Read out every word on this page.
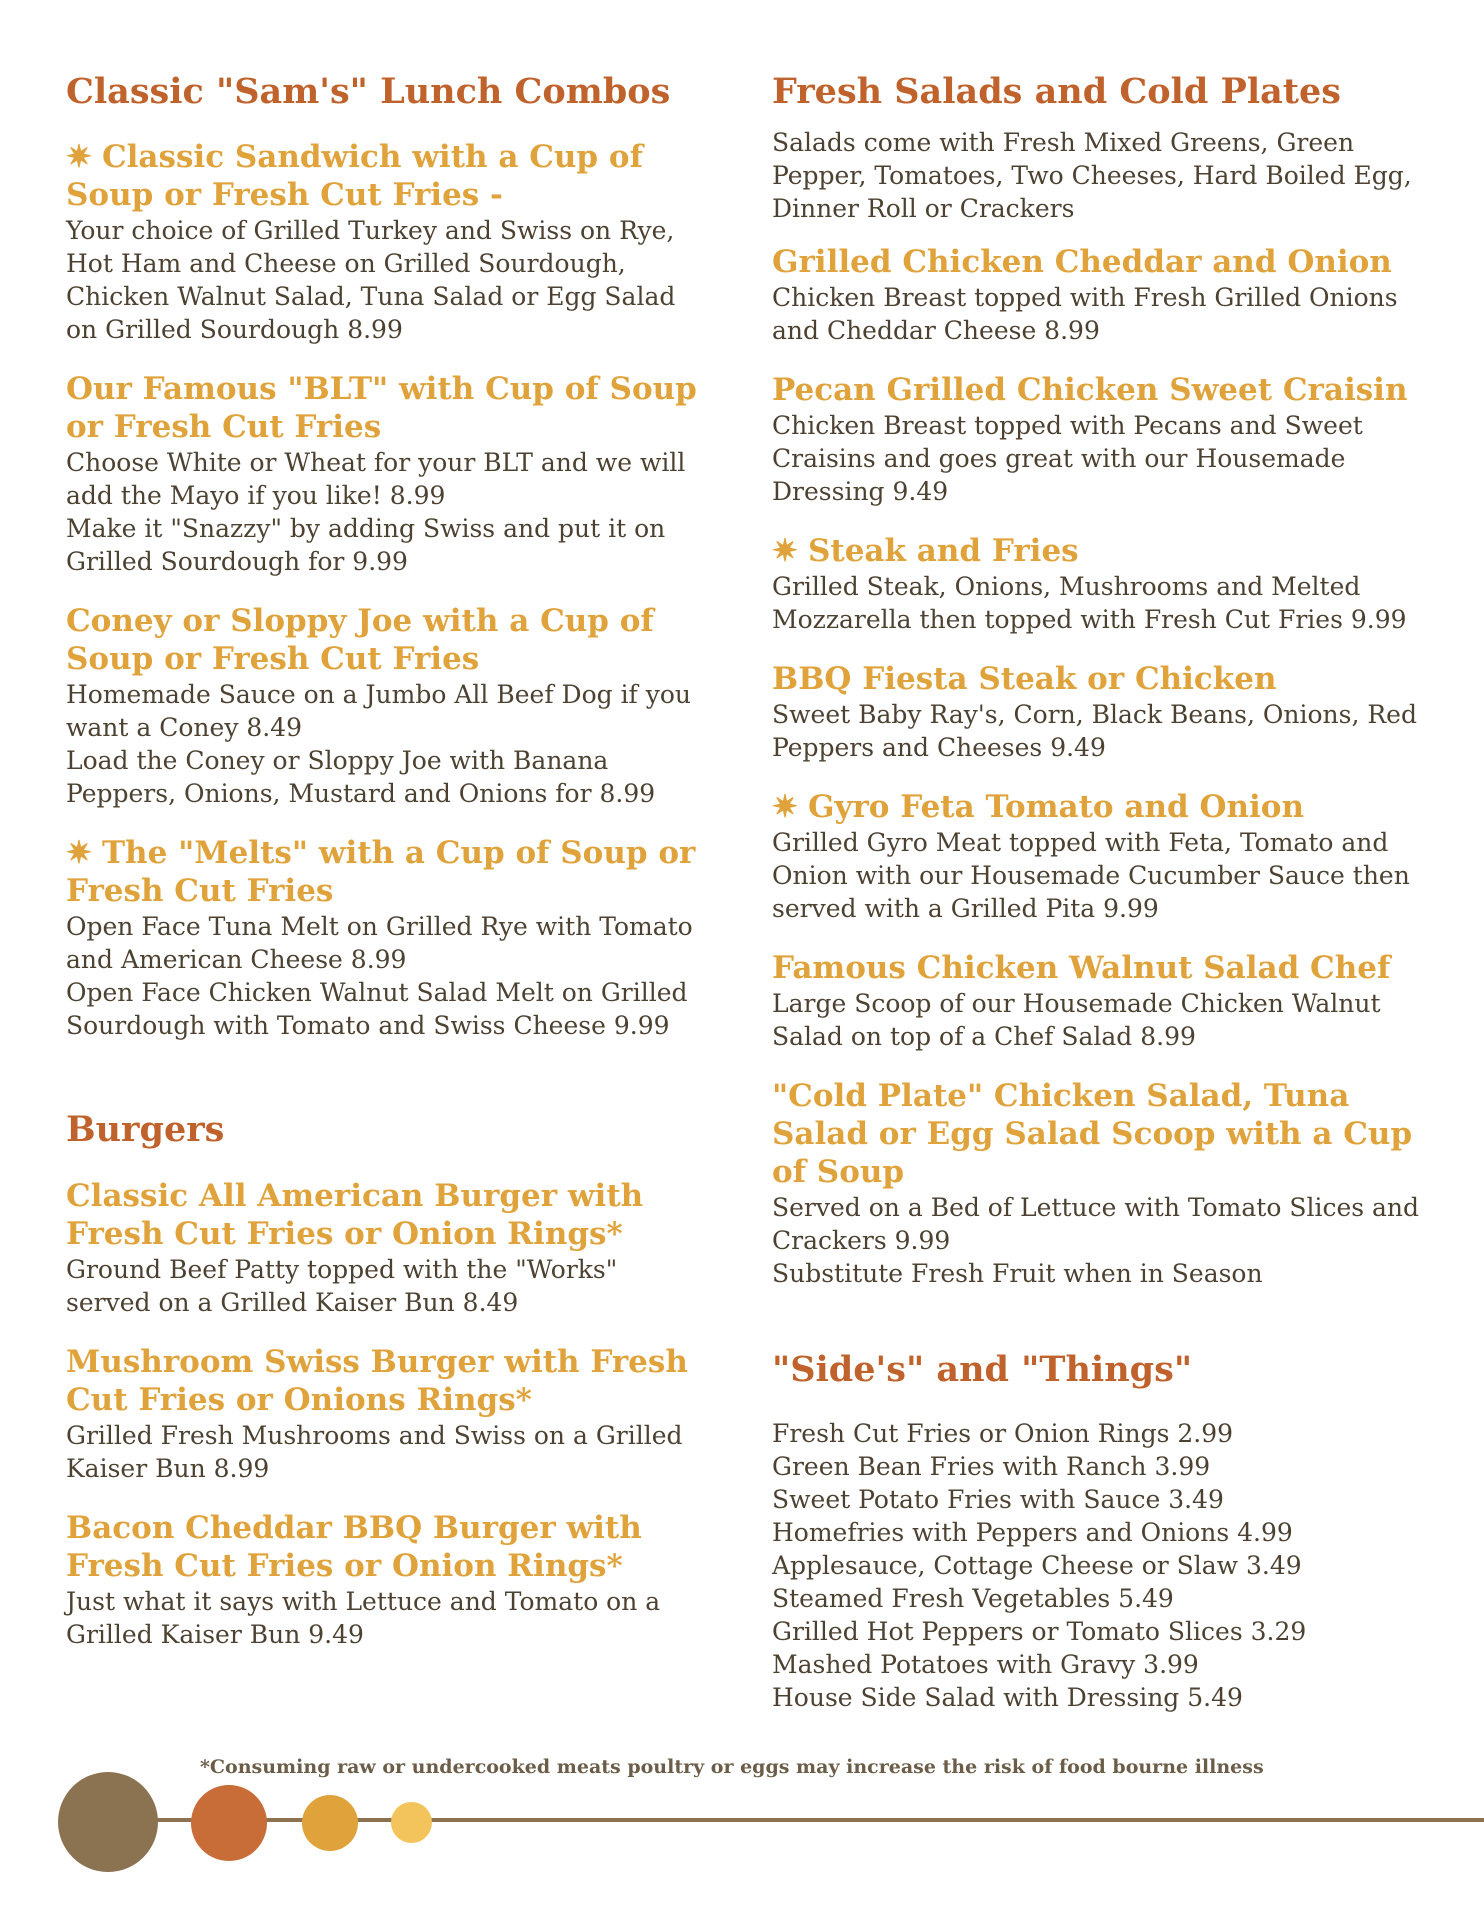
Classic "Sam's" Lunch Combos

✷ Classic Sandwich with a Cup of Soup or Fresh Cut Fries -

Your choice of Grilled Turkey and Swiss on Rye, Hot Ham and Cheese on Grilled Sourdough, Chicken Walnut Salad, Tuna Salad or Egg Salad on Grilled Sourdough 8.99

Our Famous "BLT" with Cup of Soup or Fresh Cut Fries

Choose White or Wheat for your BLT and we will add the Mayo if you like! 8.99
Make it "Snazzy" by adding Swiss and put it on Grilled Sourdough for 9.99

Coney or Sloppy Joe with a Cup of Soup or Fresh Cut Fries

Homemade Sauce on a Jumbo All Beef Dog if you want a Coney 8.49
Load the Coney or Sloppy Joe with Banana Peppers, Onions, Mustard and Onions for 8.99

✷ The "Melts" with a Cup of Soup or Fresh Cut Fries

Open Face Tuna Melt on Grilled Rye with Tomato and American Cheese 8.99
Open Face Chicken Walnut Salad Melt on Grilled Sourdough with Tomato and Swiss Cheese 9.99

Burgers

Classic All American Burger with Fresh Cut Fries or Onion Rings*

Ground Beef Patty topped with the "Works" served on a Grilled Kaiser Bun 8.49

Mushroom Swiss Burger with Fresh Cut Fries or Onions Rings*

Grilled Fresh Mushrooms and Swiss on a Grilled Kaiser Bun 8.99

Bacon Cheddar BBQ Burger with Fresh Cut Fries or Onion Rings*

Just what it says with Lettuce and Tomato on a Grilled Kaiser Bun 9.49

Fresh Salads and Cold Plates

Salads come with Fresh Mixed Greens, Green Pepper, Tomatoes, Two Cheeses, Hard Boiled Egg, Dinner Roll or Crackers

Grilled Chicken Cheddar and Onion

Chicken Breast topped with Fresh Grilled Onions and Cheddar Cheese 8.99

Pecan Grilled Chicken Sweet Craisin

Chicken Breast topped with Pecans and Sweet Craisins and goes great with our Housemade Dressing 9.49

✷ Steak and Fries

Grilled Steak, Onions, Mushrooms and Melted Mozzarella then topped with Fresh Cut Fries 9.99

BBQ Fiesta Steak or Chicken

Sweet Baby Ray's, Corn, Black Beans, Onions, Red Peppers and Cheeses 9.49

✷ Gyro Feta Tomato and Onion

Grilled Gyro Meat topped with Feta, Tomato and Onion with our Housemade Cucumber Sauce then served with a Grilled Pita 9.99

Famous Chicken Walnut Salad Chef

Large Scoop of our Housemade Chicken Walnut Salad on top of a Chef Salad 8.99

"Cold Plate" Chicken Salad, Tuna Salad or Egg Salad Scoop with a Cup of Soup

Served on a Bed of Lettuce with Tomato Slices and Crackers 9.99
Substitute Fresh Fruit when in Season

"Side's" and "Things"
Fresh Cut Fries or Onion Rings 2.99
Green Bean Fries with Ranch 3.99
Sweet Potato Fries with Sauce 3.49
Homefries with Peppers and Onions 4.99
Applesauce, Cottage Cheese or Slaw 3.49
Steamed Fresh Vegetables 5.49
Grilled Hot Peppers or Tomato Slices 3.29
Mashed Potatoes with Gravy 3.99
House Side Salad with Dressing 5.49
*Consuming raw or undercooked meats poultry or eggs may increase the risk of food bourne illness
